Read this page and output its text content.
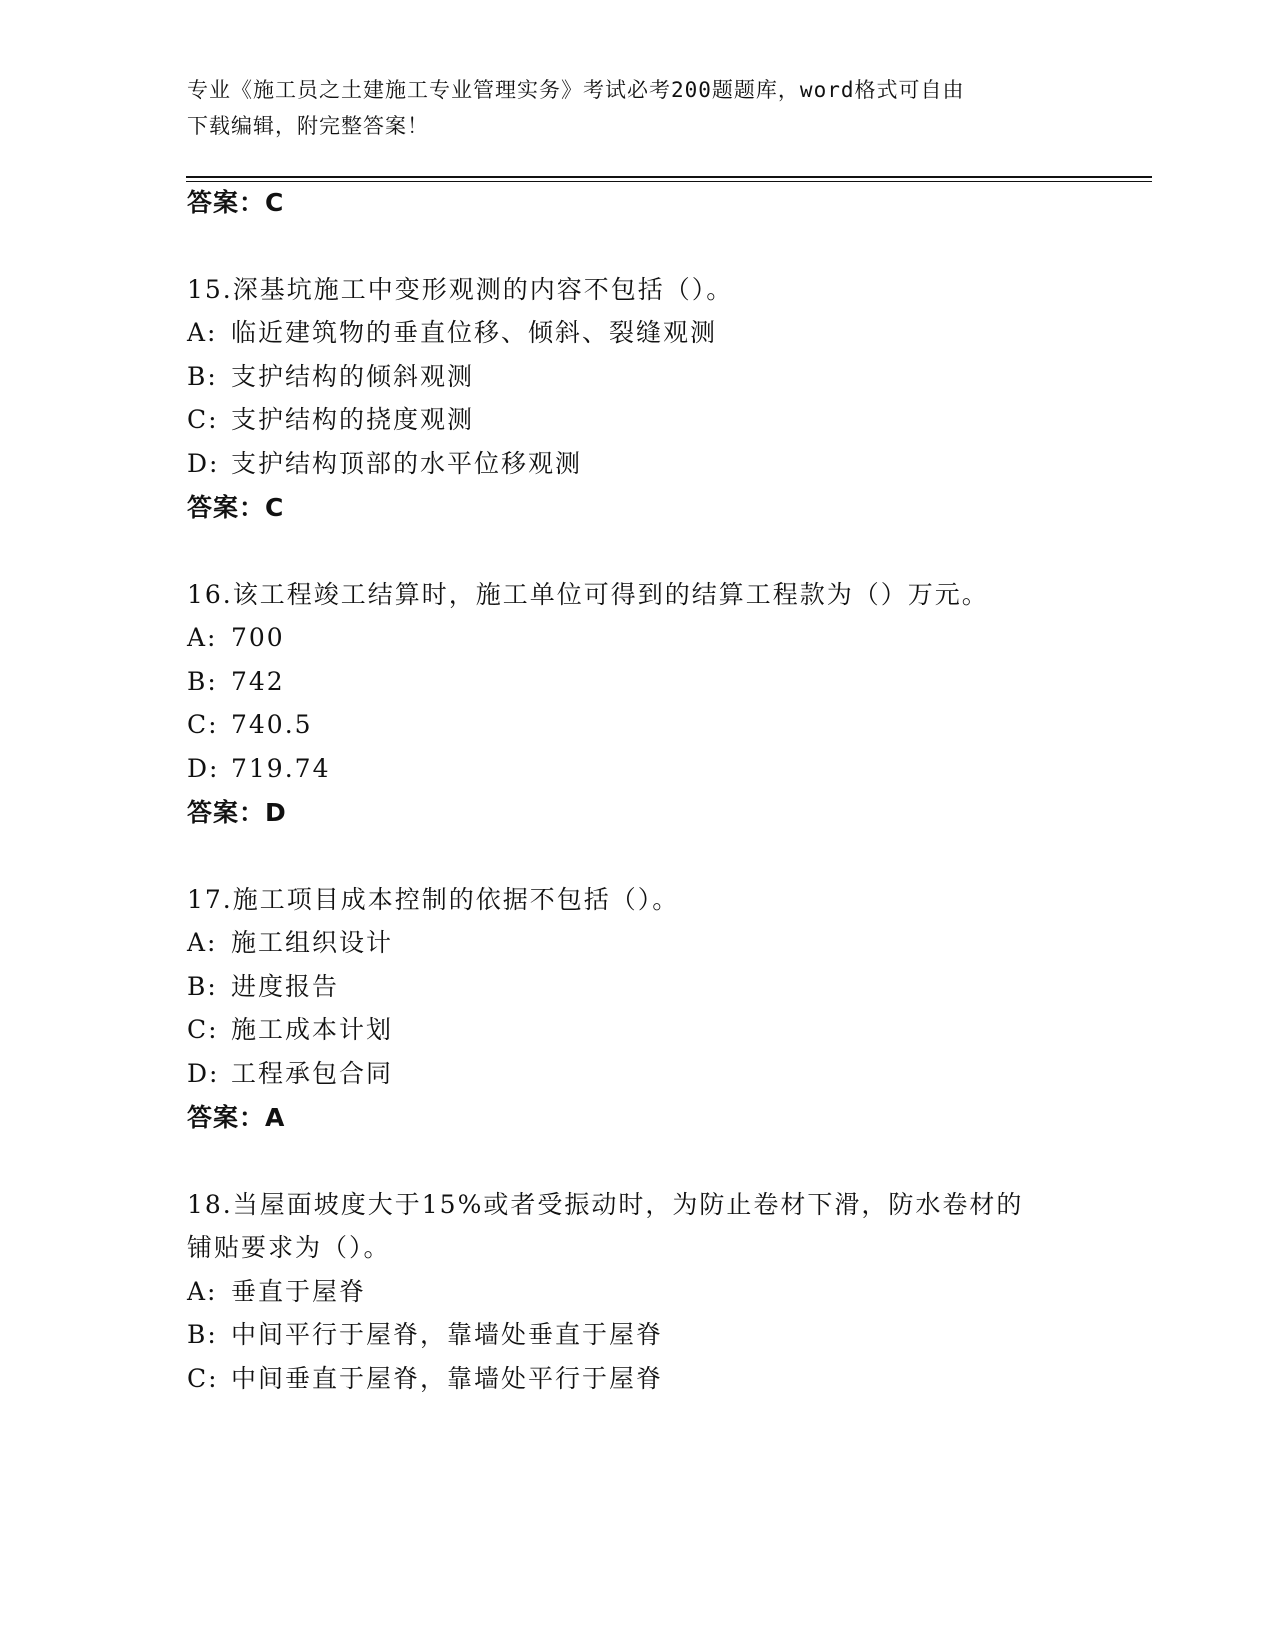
专业《施工员之土建施工专业管理实务》考试必考200题题库，word格式可自由
下载编辑，附完整答案！
答案：C
15.深基坑施工中变形观测的内容不包括（）。
A: 临近建筑物的垂直位移、倾斜、裂缝观测
B: 支护结构的倾斜观测
C: 支护结构的挠度观测
D: 支护结构顶部的水平位移观测
答案：C
16.该工程竣工结算时，施工单位可得到的结算工程款为（）万元。
A: 700
B: 742
C: 740.5
D: 719.74
答案：D
17.施工项目成本控制的依据不包括（）。
A: 施工组织设计
B: 进度报告
C: 施工成本计划
D: 工程承包合同
答案：A
18.当屋面坡度大于15%或者受振动时，为防止卷材下滑，防水卷材的
铺贴要求为（）。
A: 垂直于屋脊
B: 中间平行于屋脊，靠墙处垂直于屋脊
C: 中间垂直于屋脊，靠墙处平行于屋脊
